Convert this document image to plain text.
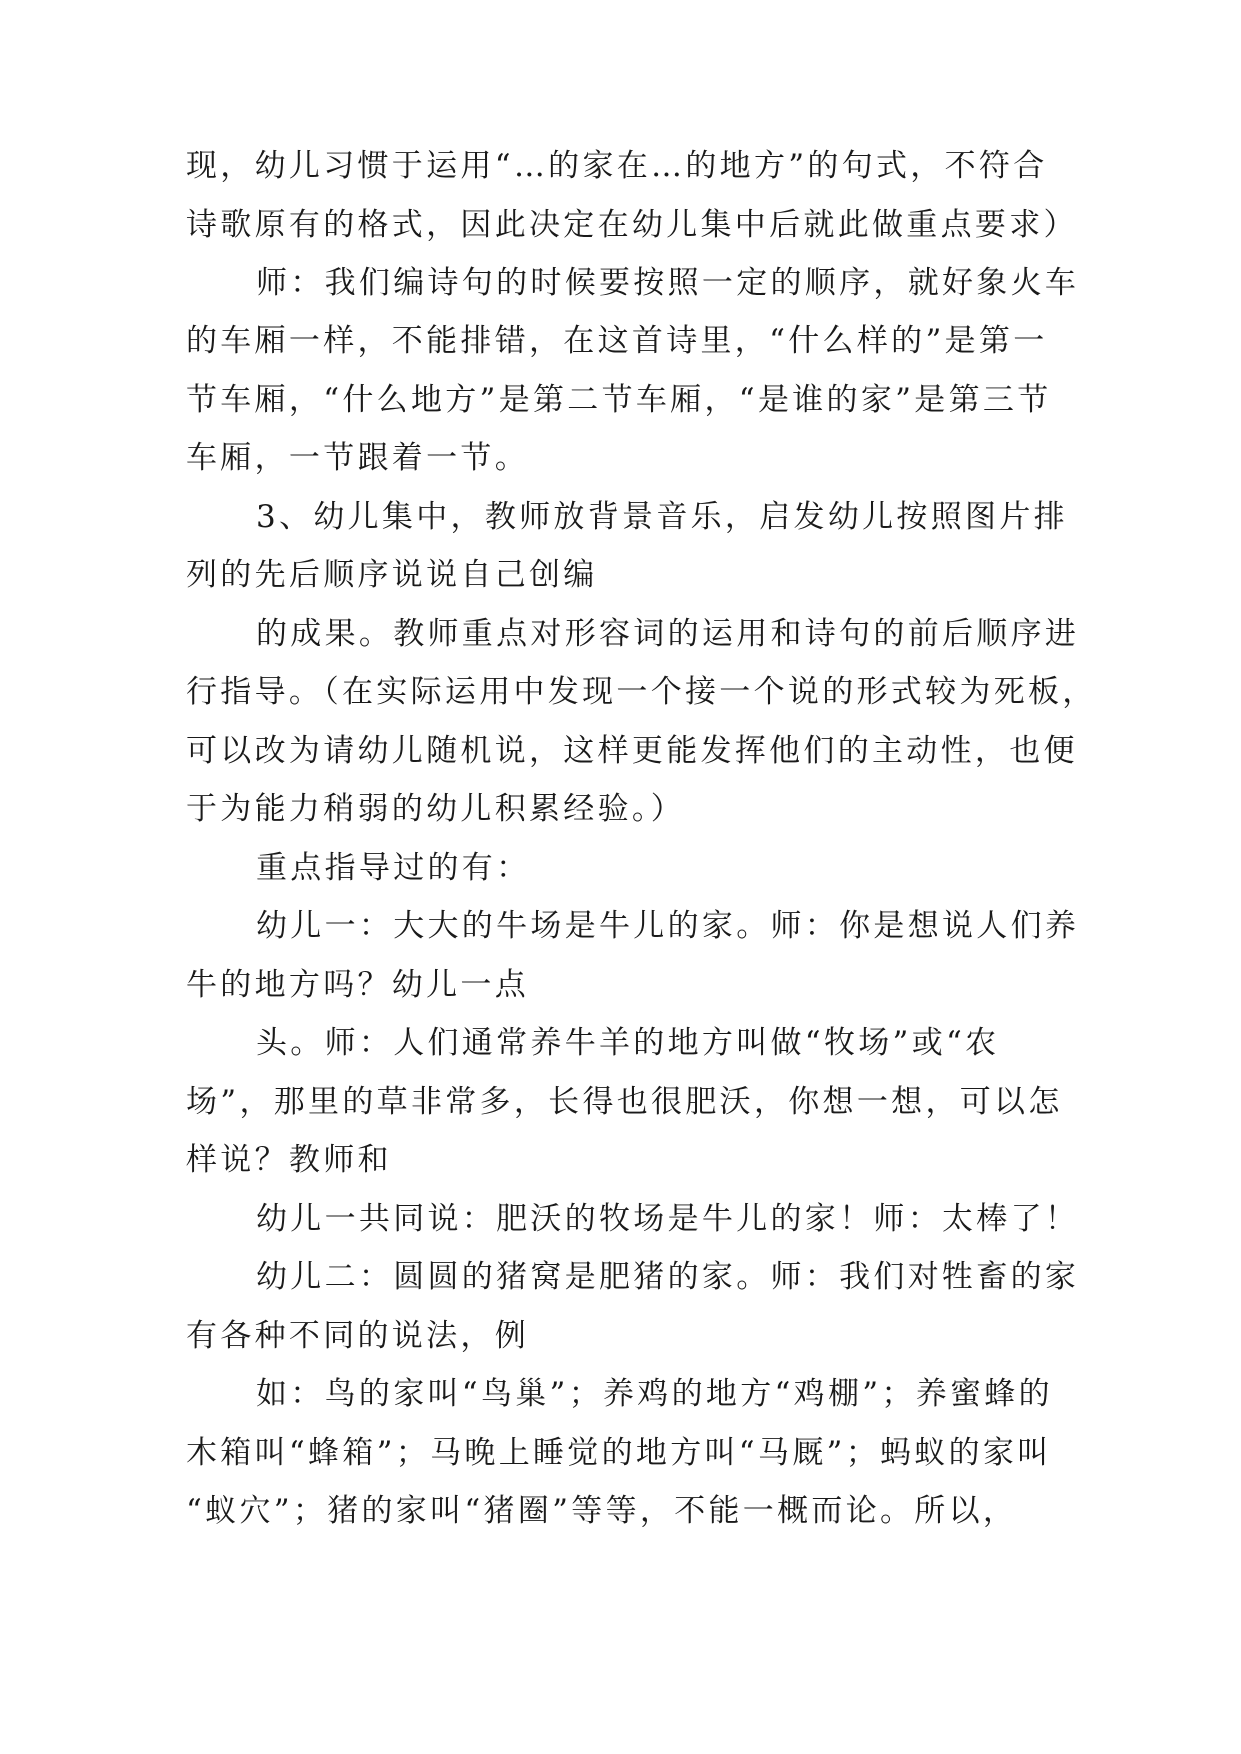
现，幼儿习惯于运用“…的家在…的地方”的句式，不符合
诗歌原有的格式，因此决定在幼儿集中后就此做重点要求）
师：我们编诗句的时候要按照一定的顺序，就好象火车
的车厢一样，不能排错，在这首诗里，“什么样的”是第一
节车厢，“什么地方”是第二节车厢，“是谁的家”是第三节
车厢，一节跟着一节。
3、幼儿集中，教师放背景音乐，启发幼儿按照图片排
列的先后顺序说说自己创编
的成果。教师重点对形容词的运用和诗句的前后顺序进
行指导。（在实际运用中发现一个接一个说的形式较为死板，
可以改为请幼儿随机说，这样更能发挥他们的主动性，也便
于为能力稍弱的幼儿积累经验。）
重点指导过的有：
幼儿一：大大的牛场是牛儿的家。师：你是想说人们养
牛的地方吗？幼儿一点
头。师：人们通常养牛羊的地方叫做“牧场”或“农
场”，那里的草非常多，长得也很肥沃，你想一想，可以怎
样说？教师和
幼儿一共同说：肥沃的牧场是牛儿的家！师：太棒了！
幼儿二：圆圆的猪窝是肥猪的家。师：我们对牲畜的家
有各种不同的说法，例
如：鸟的家叫“鸟巢”；养鸡的地方“鸡棚”；养蜜蜂的
木箱叫“蜂箱”；马晚上睡觉的地方叫“马厩”；蚂蚁的家叫
“蚁穴”；猪的家叫“猪圈”等等，不能一概而论。所以，
